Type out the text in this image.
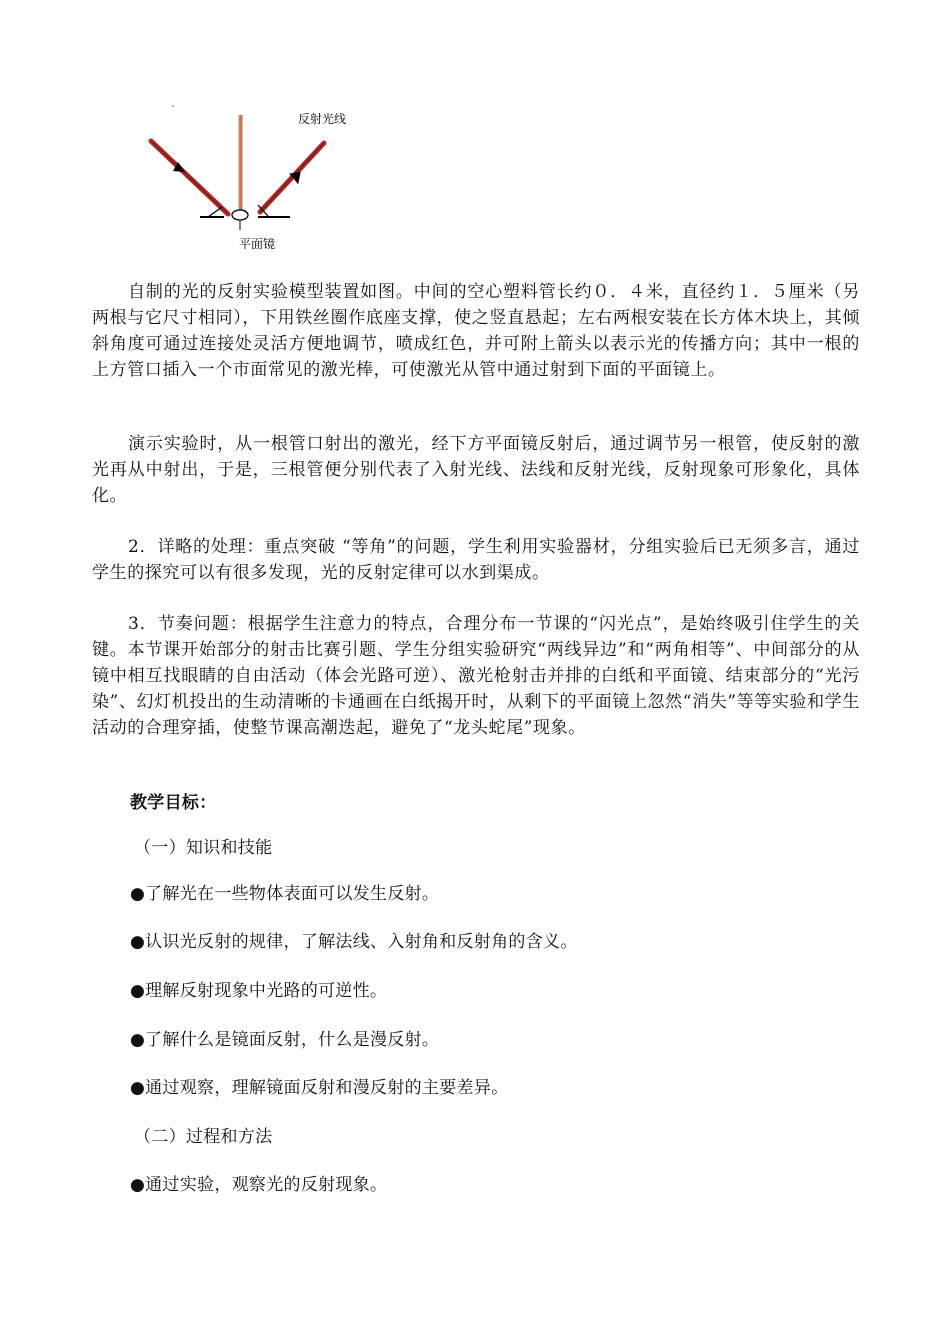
反射光线
平面镜
自制的光的反射实验模型装置如图。中间的空心塑料管长约０．４米，直径约１．５厘米（另两根与它尺寸相同），下用铁丝圈作底座支撑，使之竖直悬起；左右两根安装在长方体木块上，其倾斜角度可通过连接处灵活方便地调节，喷成红色，并可附上箭头以表示光的传播方向；其中一根的上方管口插入一个市面常见的激光棒，可使激光从管中通过射到下面的平面镜上。
演示实验时，从一根管口射出的激光，经下方平面镜反射后，通过调节另一根管，使反射的激光再从中射出，于是，三根管便分别代表了入射光线、法线和反射光线，反射现象可形象化，具体化。
2．详略的处理：重点突破 “等角”的问题，学生利用实验器材，分组实验后已无须多言，通过学生的探究可以有很多发现，光的反射定律可以水到渠成。
3．节奏问题：根据学生注意力的特点，合理分布一节课的“闪光点”，是始终吸引住学生的关键。本节课开始部分的射击比赛引题、学生分组实验研究“两线异边”和“两角相等”、中间部分的从镜中相互找眼睛的自由活动（体会光路可逆）、激光枪射击并排的白纸和平面镜、结束部分的“光污染”、幻灯机投出的生动清晰的卡通画在白纸揭开时，从剩下的平面镜上忽然“消失”等等实验和学生活动的合理穿插，使整节课高潮迭起，避免了“龙头蛇尾”现象。
教学目标：
（一）知识和技能
●了解光在一些物体表面可以发生反射。
●认识光反射的规律，了解法线、入射角和反射角的含义。
●理解反射现象中光路的可逆性。
●了解什么是镜面反射，什么是漫反射。
●通过观察，理解镜面反射和漫反射的主要差异。
（二）过程和方法
●通过实验，观察光的反射现象。
